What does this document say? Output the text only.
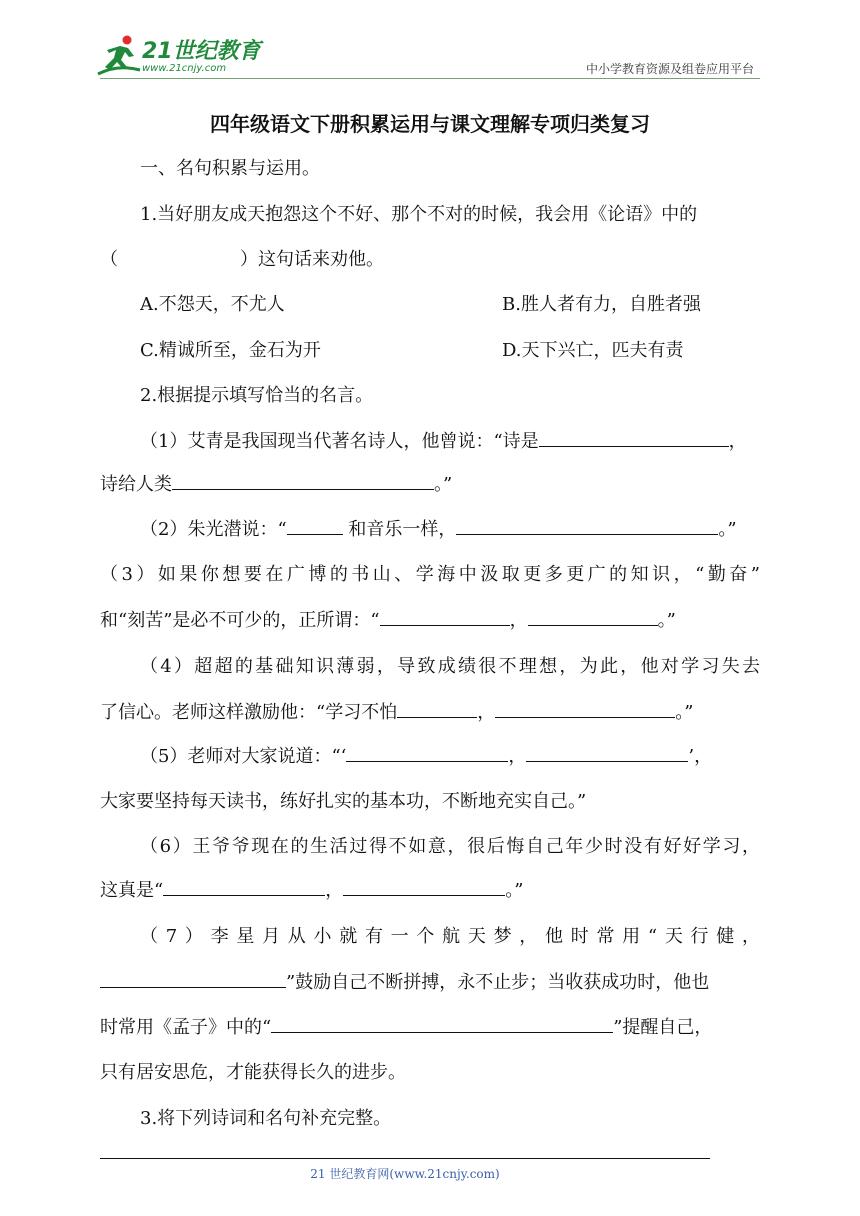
21世纪教育
www.21cnjy.com	中小学教育资源及组卷应用平台
四年级语文下册积累运用与课文理解专项归类复习
一、名句积累与运用。
1.当好朋友成天抱怨这个不好、那个不对的时候，我会用《论语》中的
（	）这句话来劝他。
A.不怨天，不尤人	B.胜人者有力，自胜者强
C.精诚所至，金石为开	D.天下兴亡，匹夫有责
2.根据提示填写恰当的名言。
（1）艾青是我国现当代著名诗人，他曾说：“诗是	，
诗给人类	。”
（2）朱光潜说：“	和音乐一样，	。”
（3）如果你想要在广博的书山、学海中汲取更多更广的知识，“勤奋”
和“刻苦”是必不可少的，正所谓：“	，	。”
（4）超超的基础知识薄弱，导致成绩很不理想，为此，他对学习失去
了信心。老师这样激励他：“学习不怕	，	。”
（5）老师对大家说道：“‘	，	’，
大家要坚持每天读书，练好扎实的基本功，不断地充实自己。”
（6）王爷爷现在的生活过得不如意，很后悔自己年少时没有好好学习，
这真是“	，	。”
（7）李星月从小就有一个航天梦，他时常用“天行健，
”鼓励自己不断拼搏，永不止步；当收获成功时，他也
时常用《孟子》中的“	”提醒自己，
只有居安思危，才能获得长久的进步。
3.将下列诗词和名句补充完整。
21 世纪教育网(www.21cnjy.com)
